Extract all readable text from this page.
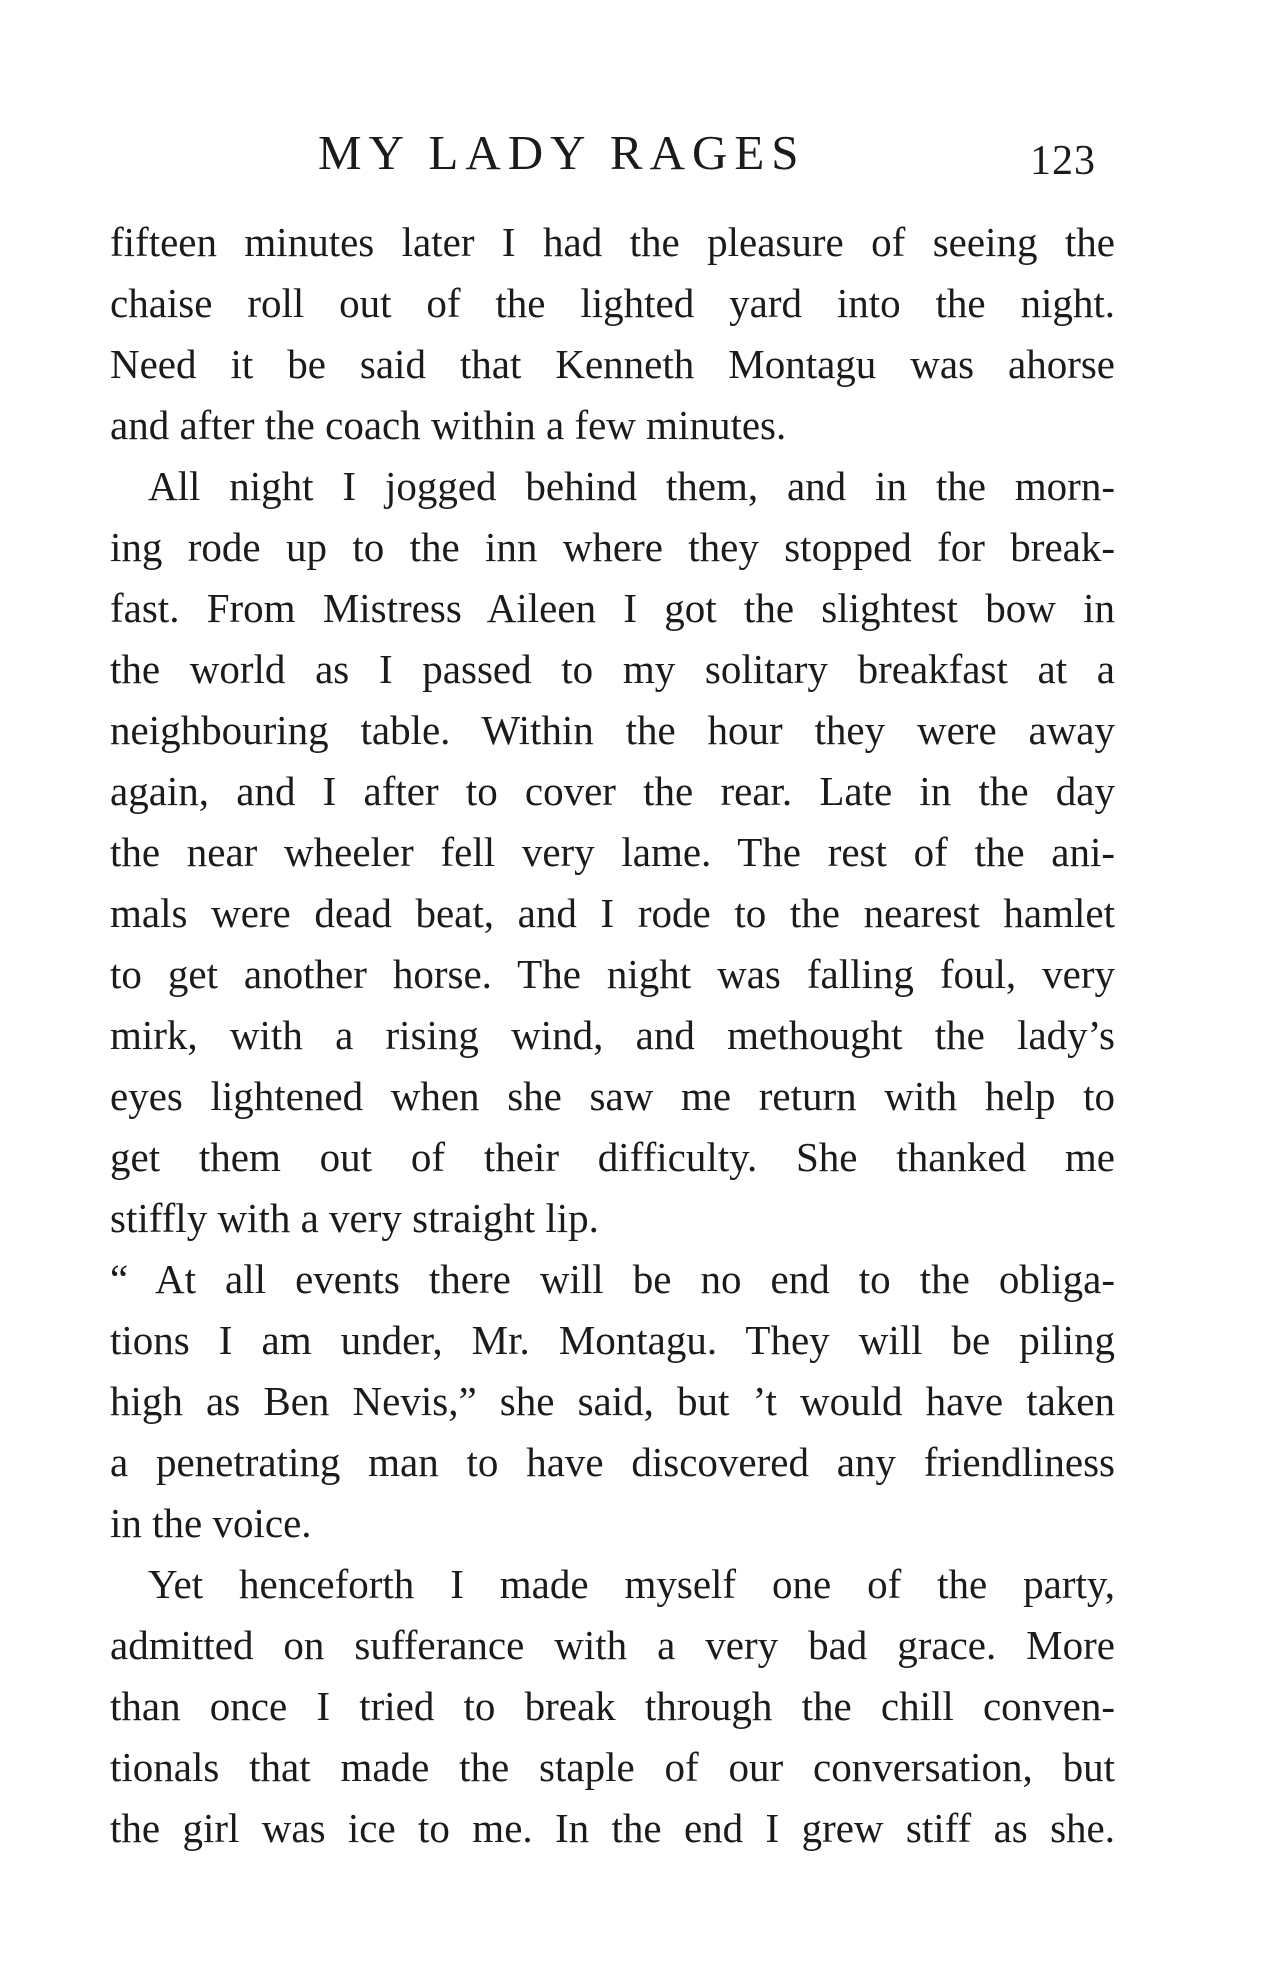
MY LADY RAGES	123
fifteen minutes later I had the pleasure of seeing the
chaise roll out of the lighted yard into the night.
Need it be said that Kenneth Montagu was ahorse
and after the coach within a few minutes.
All night I jogged behind them, and in the morn-
ing rode up to the inn where they stopped for break-
fast. From Mistress Aileen I got the slightest bow in
the world as I passed to my solitary breakfast at a
neighbouring table. Within the hour they were away
again, and I after to cover the rear. Late in the day
the near wheeler fell very lame. The rest of the ani-
mals were dead beat, and I rode to the nearest hamlet
to get another horse. The night was falling foul, very
mirk, with a rising wind, and methought the lady’s
eyes lightened when she saw me return with help to
get them out of their difficulty. She thanked me
stiffly with a very straight lip.
“ At all events there will be no end to the obliga-
tions I am under, Mr. Montagu. They will be piling
high as Ben Nevis,” she said, but ’t would have taken
a penetrating man to have discovered any friendliness
in the voice.
Yet henceforth I made myself one of the party,
admitted on sufferance with a very bad grace. More
than once I tried to break through the chill conven-
tionals that made the staple of our conversation, but
the girl was ice to me. In the end I grew stiff as she.
